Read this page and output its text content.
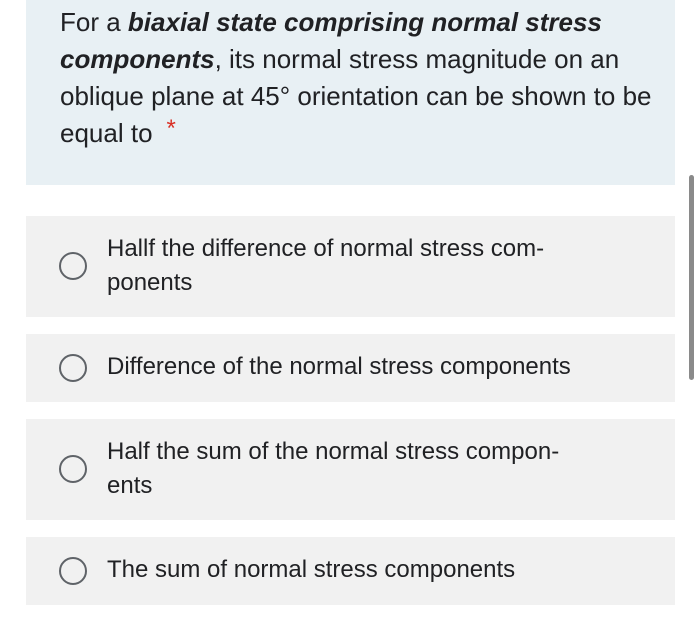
For a biaxial state comprising normal stress components, its normal stress magnitude on an oblique plane at 45° orientation can be shown to be equal to *
Hallf the difference of normal stress com-
ponents
Difference of the normal stress components
Half the sum of the normal stress compon-
ents
The sum of normal stress components
